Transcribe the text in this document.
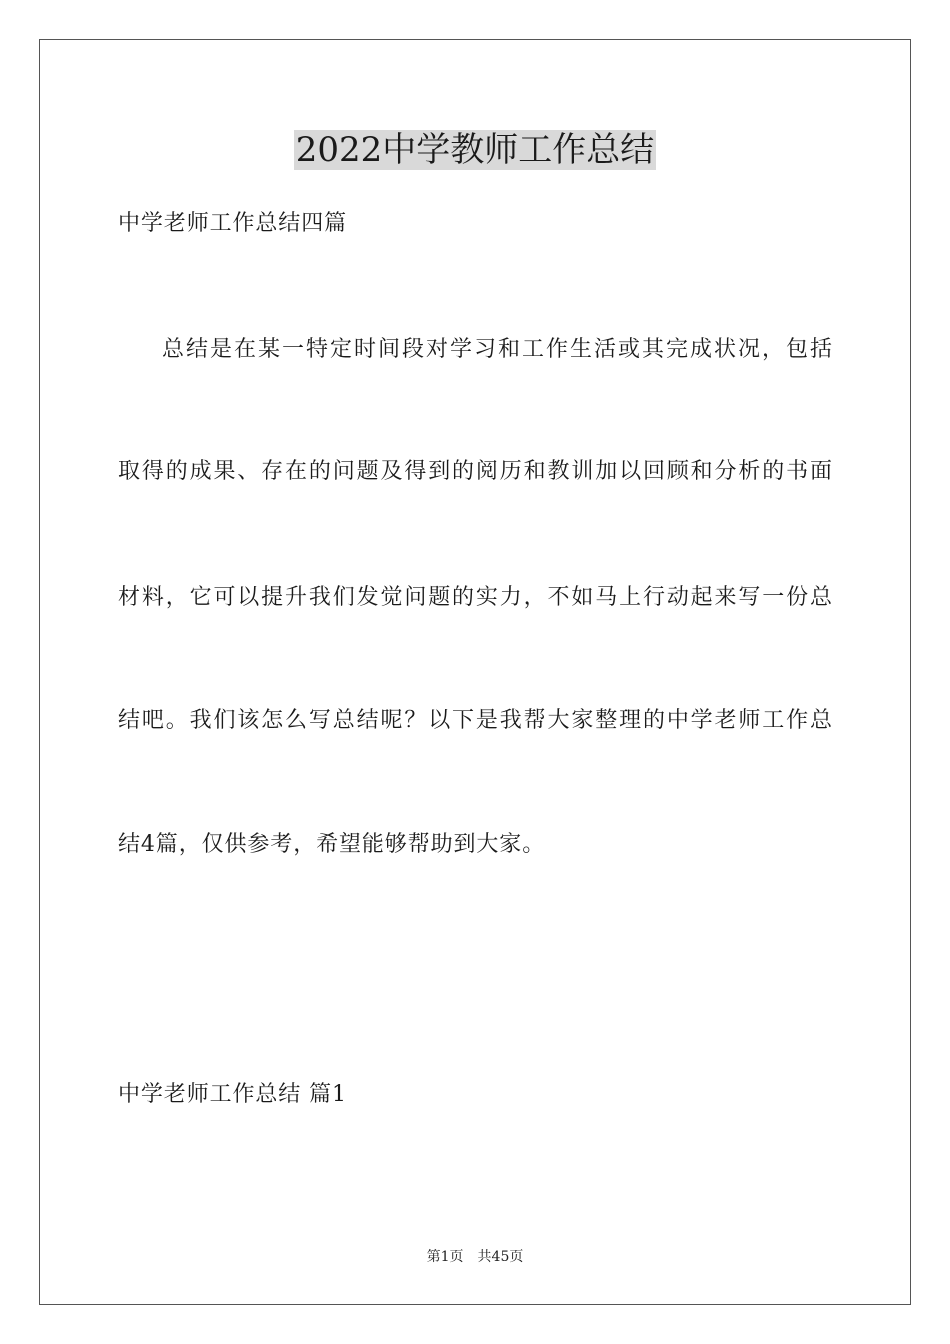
2022中学教师工作总结
中学老师工作总结四篇
总结是在某一特定时间段对学习和工作生活或其完成状况，包括
取得的成果、存在的问题及得到的阅历和教训加以回顾和分析的书面
材料，它可以提升我们发觉问题的实力，不如马上行动起来写一份总
结吧。我们该怎么写总结呢？以下是我帮大家整理的中学老师工作总
结4篇，仅供参考，希望能够帮助到大家。
中学老师工作总结 篇1
第1页 共45页
